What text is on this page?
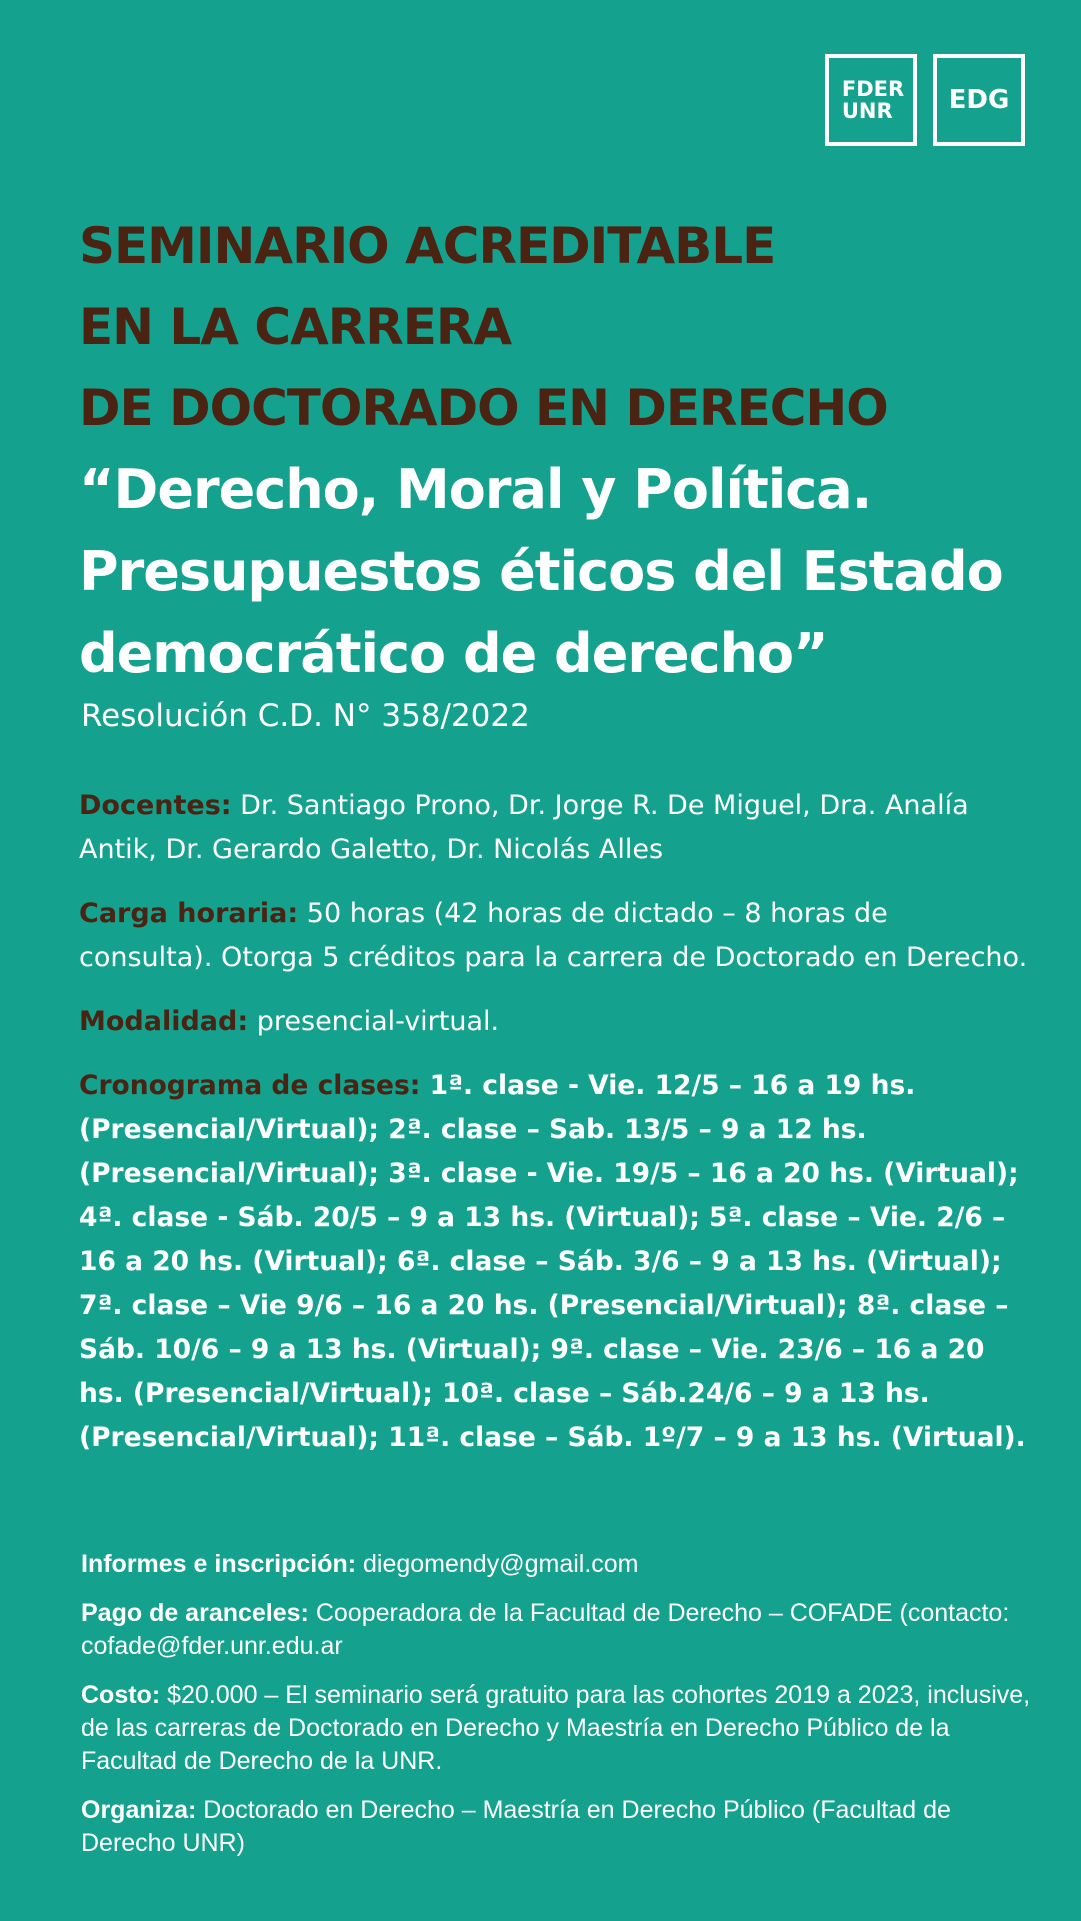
FDER
UNR	EDG

SEMINARIO ACREDITABLE

EN LA CARRERA

DE DOCTORADO EN DERECHO

“Derecho, Moral y Política.

Presupuestos éticos del Estado

democrático de derecho”

Resolución C.D. N° 358/2022

Docentes: Dr. Santiago Prono, Dr. Jorge R. De Miguel, Dra. Analía Antik, Dr. Gerardo Galetto, Dr. Nicolás Alles

Carga horaria: 50 horas (42 horas de dictado – 8 horas de consulta). Otorga 5 créditos para la carrera de Doctorado en Derecho.

Modalidad: presencial-virtual.

Cronograma de clases: 1ª. clase - Vie. 12/5 – 16 a 19 hs. (Presencial/Virtual); 2ª. clase – Sab. 13/5 – 9 a 12 hs. (Presencial/Virtual); 3ª. clase - Vie. 19/5 – 16 a 20 hs. (Virtual); 4ª. clase - Sáb. 20/5 – 9 a 13 hs. (Virtual); 5ª. clase – Vie. 2/6 – 16 a 20 hs. (Virtual); 6ª. clase – Sáb. 3/6 – 9 a 13 hs. (Virtual); 7ª. clase – Vie 9/6 – 16 a 20 hs. (Presencial/Virtual); 8ª. clase – Sáb. 10/6 – 9 a 13 hs. (Virtual); 9ª. clase – Vie. 23/6 – 16 a 20 hs. (Presencial/Virtual); 10ª. clase – Sáb.24/6 – 9 a 13 hs. (Presencial/Virtual); 11ª. clase – Sáb. 1º/7 – 9 a 13 hs. (Virtual).

Informes e inscripción: diegomendy@gmail.com

Pago de aranceles: Cooperadora de la Facultad de Derecho – COFADE (contacto: cofade@fder.unr.edu.ar

Costo: $20.000 – El seminario será gratuito para las cohortes 2019 a 2023, inclusive, de las carreras de Doctorado en Derecho y Maestría en Derecho Público de la Facultad de Derecho de la UNR.

Organiza: Doctorado en Derecho – Maestría en Derecho Público (Facultad de Derecho UNR)
